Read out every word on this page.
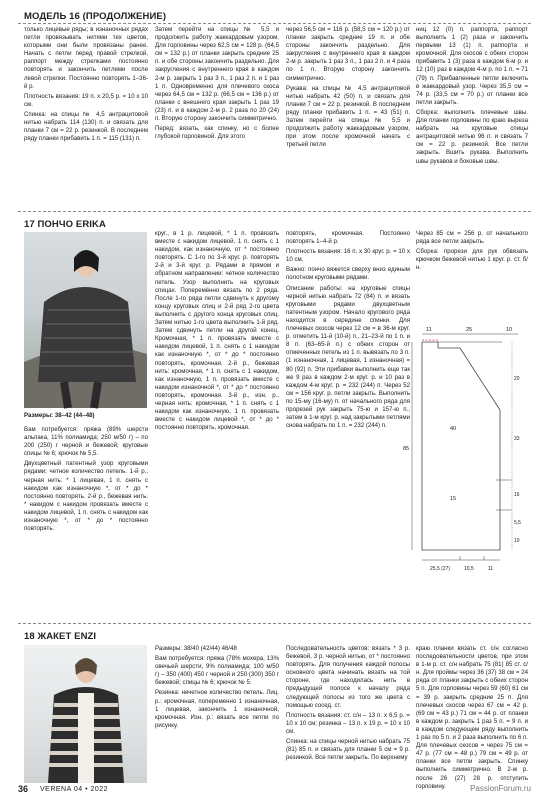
МОДЕЛЬ 16 (ПРОДОЛЖЕНИЕ)

только лицевые ряды; в изнаночных рядах петли провязывать нитями тех цветов, которыми они были провязаны ранее. Начать с петли перед правой стрелкой, раппорт между стрелками постоянно повторять и закончить петлями после левой стрелки. Постоянно повторять 1–36-й р.

Плотность вязания: 19 п. х 20,5 р. = 10 х 10 см.

Спинка: на спицы № 4,5 антрацитовой нитью набрать 114 (130) п. и связать для планки 7 см = 22 р. резинкой. В последнем ряду планки прибавить 1 п. = 115 (131) п.

Затем перейти на спицы № 5,5 и продолжить работу жаккардовым узором. Для горловины через 62,5 см = 128 р. (64,5 см = 132 р.) от планки закрыть средние 25 п. и обе стороны закончить раздельно. Для закругления с внутреннего края в каждом 2-м р. закрыть 1 раз 3 п., 1 раз 2 п. и 1 раз 1 п. Одновременно для плечевого скоса через 64,5 см = 132 р. (66,5 см = 136 р.) от планки с внешнего края закрыть 1 раз 19 (23) п. и в каждом 2-м р. 2 раза по 20 (24) п. Вторую сторону закончить симметрично.

Перед: вязать, как спинку, но с более глубокой горловиной. Для этого

через 56,5 см = 116 р. (58,5 см = 120 р.) от планки закрыть средние 19 п. и обе стороны закончить раздельно. Для закругления с внутреннего края в каждом 2-м р. закрыть 1 раз 3 п., 1 раз 2 п. и 4 раза по 1 п. Вторую сторону закончить симметрично.

Рукава: на спицы № 4,5 антрацитовой нитью набрать 42 (50) п. и связать для планки 7 см = 22 р. резинкой. В последнем ряду планки прибавить 1 п. = 43 (51) п. Затем перейти на спицы № 5,5 и продолжить работу жаккардовым узором, при этом после кромочной начать с третьей петли

ниц 12 (0) п. раппорта, раппорт выполнить 1 (2) раза и закончить первыми 13 (1) п. раппорта и кромочной. Для скосов с обеих сторон прибавить 1 (3) раза в каждом 6-м р. и 12 (10) раз в каждом 4-м р. по 1 п. = 71 (79) п. Прибавленные петли включить в жаккардовый узор. Через 35,5 см = 74 р. (33,5 см = 70 р.) от планки все петли закрыть.

Сборка: выполнить плечевые швы. Для планки горловины по краю выреза набрать на круговые спицы антрацитовой нитью 96 п. и связать 7 см = 22 р. резинкой. Все петли закрыть. Вшить рукава. Выполнить швы рукавов и боковые швы.

17 ПОНЧО ERIKA
Размеры: 38–42 (44–48)

Вам потребуется: пряжа (89% шерсти альпака, 11% полиамида; 250 м/50 г) – по 200 (250) г черной и бежевой; круговые спицы № 6; крючок № 5,5.

Двухцветный патентный узор круговыми рядами: четное количество петель. 1-й р., черная нить: * 1 лицевая, 1 п. снять с накидом как изнаночную *, от * до * постоянно повторять. 2-й р., бежевая нить: * накидом с накидом провязать вместе с накидом лицевой, 1 п. снять с накидом как изнаночную *, от * до * постоянно повторять.

круг., в 1 р. лицевой, * 1 п. провязать вместе с накидом лицевой, 1 п. снять с 1 накидом, как изнаночную, от * постоянно повторять. С 1-го по 3-й круг. р. повторять 2-й и 3-й круг. р. Рядами в прямом и обратном направлении: четное количество петель. Узор выполнить на круговых спицах. Поперемённо вязать по 2 ряда. После 1-го ряда петли сдвинуть к другому концу круговых спиц и 2-й ряд 2-го цвета выполнить с другого конца круговых спиц. Затем нитью 1-го цвета выполнить 1-й ряд. Затем сдвинуть петли на другой конец. Кромочная, * 1 п. провязать вместе с накидом лицевой, 1 п. снять с 1 накидом как изнаночную *, от * до * постоянно повторять, кромочная. 2-й р., бежевая нить: кромочная, * 1 п. снять с 1 накидом, как изнаночную, 1 п. провязать вместе с накидом изнаночной *, от * до * постоянно повторять, кромочная. 3-й р., изн. р., черная нить: кромочная, * 1 п. снять с 1 накидом как изнаночную, 1 п. провязать вместе с накидом лицевой *, от * до * постоянно повторять, кромочная.

повторять, кромочная. Постоянно повторять 1–4-й р.

Плотность вязания: 16 п. х 30 круг. р. = 10 х 10 см.

Важно: пончо вяжется сверху вниз единым полотном круговыми рядами.

Описание работы: на круговые спицы черной нитью набрать 72 (84) п. и вязать круговыми рядами двухцветным патентным узором. Начало кругового ряда находится в середине спинки. Для плечевых скосов через 12 см = в 36-м круг. р. отметить 11-й (10-й) п., 21–23-й по 1 п. и 8 п. (63–65-й п.) с обеих сторон от отмеченных петель из 1 п. вывязать по 3 п. (1 изнаночная, 1 лицевая, 1 изнаночная) = 80 (92) п. Эти прибавки выполнить еще так же 9 раз в каждом 2-м круг. р. и 10 раз в каждом 4-м круг. р. = 232 (244) п. Через 52 см = 156 круг. р. петли закрыть. Выполнить по 15-му (16-му) п. от начального ряда для прорезей рук закрыть 75-ю и 157-ю п., затем в 1-м круг. р. над закрытыми петлями снова набрать по 1 п. = 232 (244) п.

Через 85 см = 256 р. от начального ряда все петли закрыть.

Сборка: прорези для рук обвязать крючком бежевой нитью 1 круг. р. ст. б/н.

11	25	10
85
40
15
25,5 (27)	10,5	11
20
33
16
5,5
10
18 ЖАКЕТ ENZI

Размеры: 38/40 (42/44) 46/48

Вам потребуется: пряжа (78% мохера, 13% овечьей шерсти, 9% полиамида; 100 м/50 г) – 350 (400) 450 г черной и 250 (300) 350 г бежевой; спицы № 6; крючок № 5.

Резинка: нечетное количество петель. Лиц. р.: кромочная, попеременно 1 изнаночная, 1 лицевая, закончить 1 изнаночной, кромочная. Изн. р.: вязать все петли по рисунку.

Последовательность цветов: вязать * 3 р. бежевой, 3 р. черной нитью, от * постоянно повторять. Для получения каждой полосы основного цвета начинать вязать на той стороне, где находилась нить в предыдущей полосе к началу ряда следующей полосы из того же цвета с помощью сосед. ст.

Плотность вязания: ст. с/н – 13 п. х 6,5 р. = 10 х 10 см; резинка – 13 п. х 19 р. = 10 х 10 см.

Спинка: на спицы черной нитью набрать 75 (81) 85 п. и связать для планки 5 см = 9 р. резинкой. Все петли закрыть. По верхнему

краю планки вязать ст. с/н согласно последовательности цветов, при этом в 1-м р. ст. с/н набрать 75 (81) 85 ст. с/н. Для проймы через 36 (37) 38 см = 24 ряда от планки закрыть с обеих сторон 5 п. Для горловины через 59 (60) 61 см = 39 р. закрыть средние 25 п. Для плечевых скосов через 67 см = 42 р. (69 см = 43 р.) 71 см = 44 р. от планки в каждом р. закрыть 1 раз 5 п. = 9 п. и в каждом следующем ряду выполнить 1 раз по 5 п. и 2 раза выполнить по 6 п. Для плечевых скосов = через 75 см = 47 р. (77 см = 48 р.) 79 см = 49 р. от планки все петли закрыть. Спинку выполнить симметрично. В 2-м р. после 26 (27) 28 р. отступить горловину.

36 VERENA 04 • 2022	PassionForum.ru
